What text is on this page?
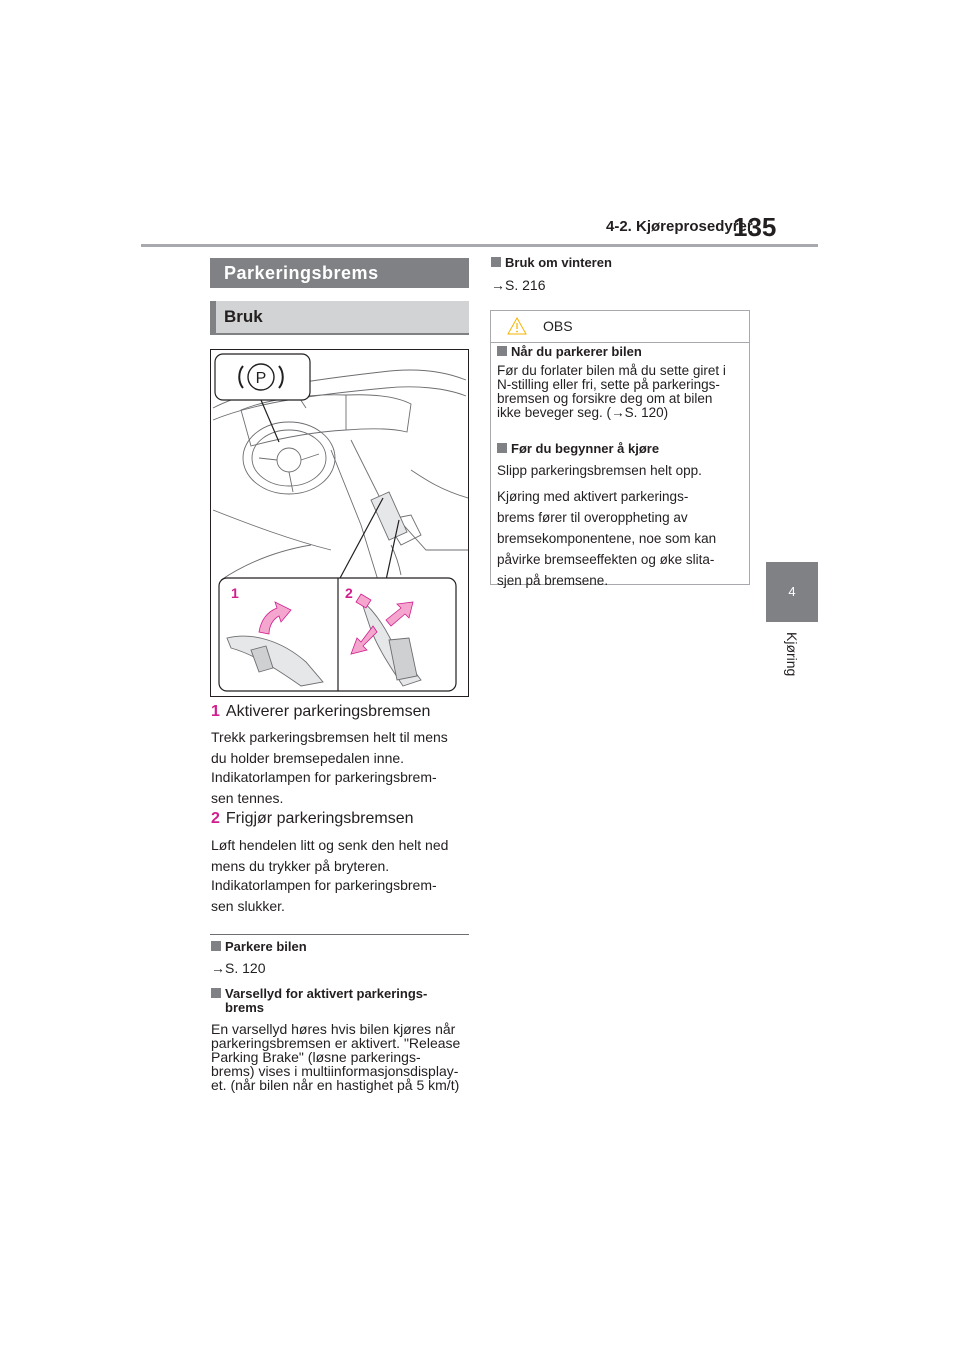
4-2. Kjøreprosedyrer
135
4
Kjøring
Parkeringsbrems
Bruk
P
1	2
1 Aktiverer parkeringsbremsen
Trekk parkeringsbremsen helt til mens
du holder bremsepedalen inne.
Indikatorlampen for parkeringsbrem-
sen tennes.
2 Frigjør parkeringsbremsen
Løft hendelen litt og senk den helt ned
mens du trykker på bryteren.
Indikatorlampen for parkeringsbrem-
sen slukker.
Parkere bilen
→S. 120
Varsellyd for aktivert parkerings-
brems
En varsellyd høres hvis bilen kjøres når
parkeringsbremsen er aktivert. "Release
Parking Brake" (løsne parkerings-
brems) vises i multiinformasjonsdisplay-
et. (når bilen når en hastighet på 5 km/t)
Bruk om vinteren
→S. 216
OBS
Når du parkerer bilen
Før du forlater bilen må du sette giret i
N-stilling eller fri, sette på parkerings-
bremsen og forsikre deg om at bilen
ikke beveger seg. (→S. 120)
Før du begynner å kjøre
Slipp parkeringsbremsen helt opp.
Kjøring med aktivert parkerings-
brems fører til overoppheting av
bremsekomponentene, noe som kan
påvirke bremseeffekten og øke slita-
sjen på bremsene.
